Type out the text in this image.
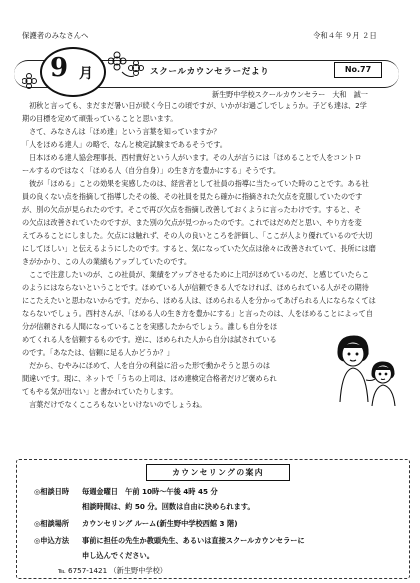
保護者のみなさんへ	令和４年 ９月 ２日
9 月	スクールカウンセラーだより	No.77
新生野中学校スクールカウンセラー　大和　誠一
　初秋と言っても、まだまだ暑い日が続く今日この頃ですが、いかがお過ごしでしょうか。子ども達は、2学
期の目標を定めて頑張っていることと思います。
　さて、みなさんは「ほめ達」という言葉を知っていますか？
「人をほめる達人」の略で、なんと検定試験まであるそうです。
　日本ほめる達人協会理事長、西村貴好という人がいます。その人が言うには「ほめることで人をコントロ
ールするのではなく「ほめる人（自分自身）」の生き方を豊かにする」そうです。
　彼が「ほめる」ことの効果を実感したのは、経営者として社員の指導に当たっていた時のことです。ある社
員の良くない点を指摘して指導したその後、その社員を見たら確かに指摘された欠点を克服していたのです
が、別の欠点が見られたのです。そこで再び欠点を指摘し改善しておくように言ったわけです。すると、そ
の欠点は改善されていたのですが、また別の欠点が見つかったのです。これではだめだと思い、やり方を変
えてみることにしました。欠点には触れず、その人の良いところを評価し、「ここが人より優れているので大切
にしてほしい」と伝えるようにしたのです。すると、気になっていた欠点は徐々に改善されていて、長所には磨
きがかかり、この人の業績もアップしていたのです。
　ここで注意したいのが、この社員が、業績をアップさせるために上司がほめているのだ、と感じていたらこ
のようにはならないということです。ほめている人が信頼できる人でなければ、ほめられている人がその期待
にこたえたいと思わないからです。だから、ほめる人は、ほめられる人を分かってあげられる人にならなくては
ならないでしょう。西村さんが、「ほめる人の生き方を豊かにする」と言ったのは、人をほめることによって自
分が信頼される人間になっていることを実感したからでしょう。誰しも自分をほ
めてくれる人を信頼するものです。逆に、ほめられた人から自分は試されている
のです。「あなたは、信頼に足る人かどうか？」
　だから、むやみにほめて、人を自分の利益に沿った形で動かそうと思うのは
間違いです。現に、ネットで「うちの上司は、ほめ達検定合格者だけど褒められ
てもやる気が出ない」と書かれていたりします。
　言葉だけでなくこころもないといけないのでしょうね。
カウンセリングの案内
◎相談日時 毎週金曜日　午前 10時〜午後 4時 45 分
相談時間は、約 50 分。回数は自由に決められます。
◎相談場所 カウンセリング ルーム(新生野中学校西館 3 階)
◎申込方法 事前に担任の先生か教頭先生、あるいは直接スクールカウンセラーに
申し込んでください。
℡ 6757-1421 （新生野中学校）
